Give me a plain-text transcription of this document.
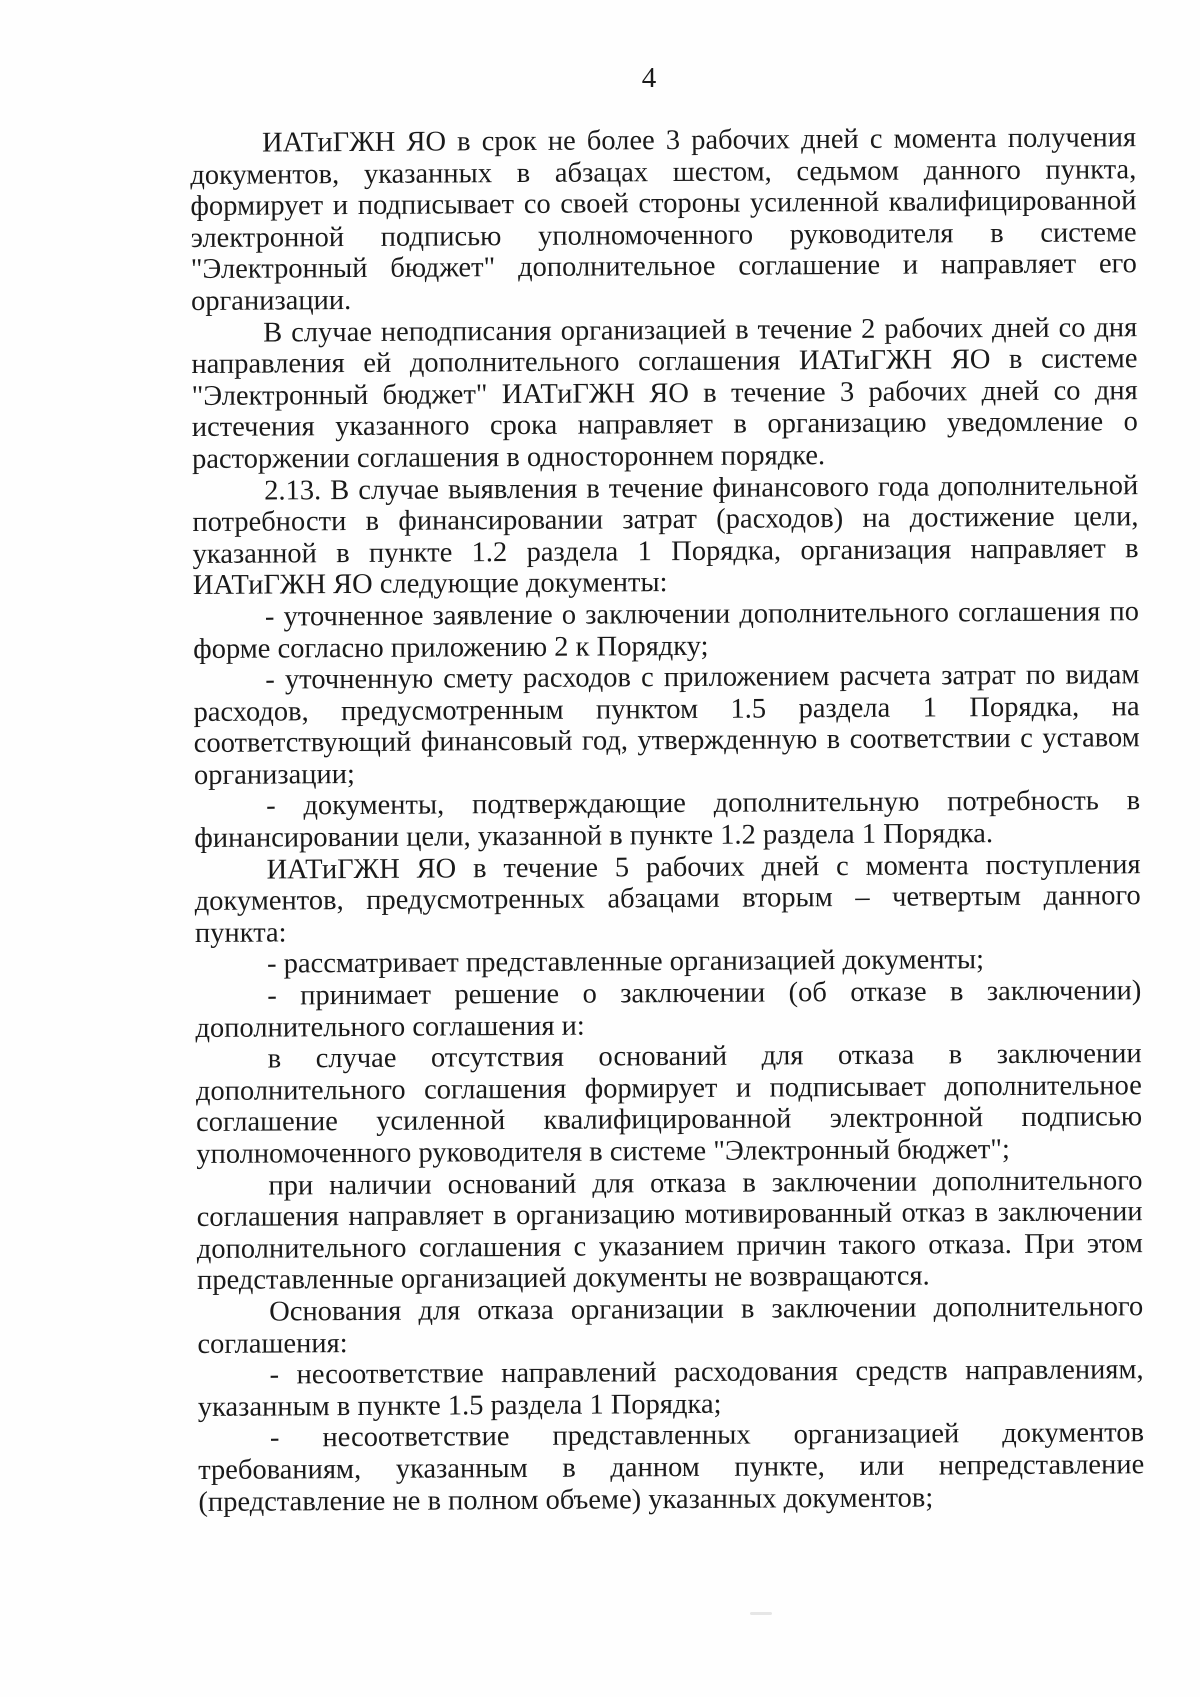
4

ИАТиГЖН ЯО в срок не более 3 рабочих дней с момента получения документов, указанных в абзацах шестом, седьмом данного пункта, формирует и подписывает со своей стороны усиленной квалифицированной электронной подписью уполномоченного руководителя в системе "Электронный бюджет" дополнительное соглашение и направляет его организации.

В случае неподписания организацией в течение 2 рабочих дней со дня направления ей дополнительного соглашения ИАТиГЖН ЯО в системе "Электронный бюджет" ИАТиГЖН ЯО в течение 3 рабочих дней со дня истечения указанного срока направляет в организацию уведомление о расторжении соглашения в одностороннем порядке.

2.13. В случае выявления в течение финансового года дополнительной потребности в финансировании затрат (расходов) на достижение цели, указанной в пункте 1.2 раздела 1 Порядка, организация направляет в ИАТиГЖН ЯО следующие документы:

- уточненное заявление о заключении дополнительного соглашения по форме согласно приложению 2 к Порядку;

- уточненную смету расходов с приложением расчета затрат по видам расходов, предусмотренным пунктом 1.5 раздела 1 Порядка, на соответствующий финансовый год, утвержденную в соответствии с уставом организации;

- документы, подтверждающие дополнительную потребность в финансировании цели, указанной в пункте 1.2 раздела 1 Порядка.

ИАТиГЖН ЯО в течение 5 рабочих дней с момента поступления документов, предусмотренных абзацами вторым – четвертым данного пункта:

- рассматривает представленные организацией документы;

- принимает решение о заключении (об отказе в заключении) дополнительного соглашения и:

в случае отсутствия оснований для отказа в заключении дополнительного соглашения формирует и подписывает дополнительное соглашение усиленной квалифицированной электронной подписью уполномоченного руководителя в системе "Электронный бюджет";

при наличии оснований для отказа в заключении дополнительного соглашения направляет в организацию мотивированный отказ в заключении дополнительного соглашения с указанием причин такого отказа. При этом представленные организацией документы не возвращаются.

Основания для отказа организации в заключении дополнительного соглашения:

- несоответствие направлений расходования средств направлениям, указанным в пункте 1.5 раздела 1 Порядка;

- несоответствие представленных организацией документов требованиям, указанным в данном пункте, или непредставление (представление не в полном объеме) указанных документов;
